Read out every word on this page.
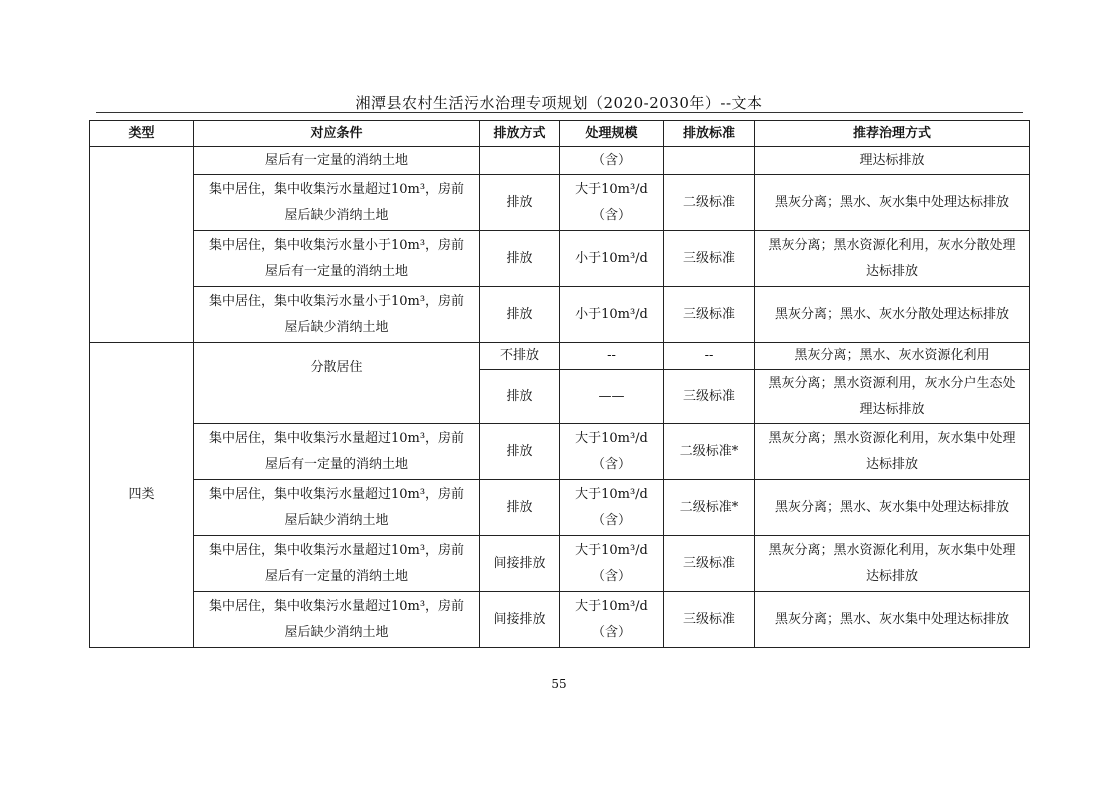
湘潭县农村生活污水治理专项规划（2020-2030年）--文本
类型	对应条件	排放方式	处理规模	排放标准	推荐治理方式

	屋后有一定量的消纳土地		（含）		理达标排放

	集中居住，集中收集污水量超过10m³，房前
屋后缺少消纳土地	排放	大于10m³/d
（含）	二级标准	黑灰分离；黑水、灰水集中处理达标排放

	集中居住，集中收集污水量小于10m³，房前
屋后有一定量的消纳土地	排放	小于10m³/d	三级标准	黑灰分离；黑水资源化利用，灰水分散处理
达标排放

	集中居住，集中收集污水量小于10m³，房前
屋后缺少消纳土地	排放	小于10m³/d	三级标准	黑灰分离；黑水、灰水分散处理达标排放

四类	分散居住	不排放	--	--	黑灰分离；黑水、灰水资源化利用

		排放	——	三级标准	黑灰分离；黑水资源利用，灰水分户生态处
理达标排放

	集中居住，集中收集污水量超过10m³，房前
屋后有一定量的消纳土地	排放	大于10m³/d
（含）	二级标准*	黑灰分离；黑水资源化利用，灰水集中处理
达标排放

	集中居住，集中收集污水量超过10m³，房前
屋后缺少消纳土地	排放	大于10m³/d
（含）	二级标准*	黑灰分离；黑水、灰水集中处理达标排放

	集中居住，集中收集污水量超过10m³，房前
屋后有一定量的消纳土地	间接排放	大于10m³/d
（含）	三级标准	黑灰分离；黑水资源化利用，灰水集中处理
达标排放

	集中居住，集中收集污水量超过10m³，房前
屋后缺少消纳土地	间接排放	大于10m³/d
（含）	三级标准	黑灰分离；黑水、灰水集中处理达标排放
55
